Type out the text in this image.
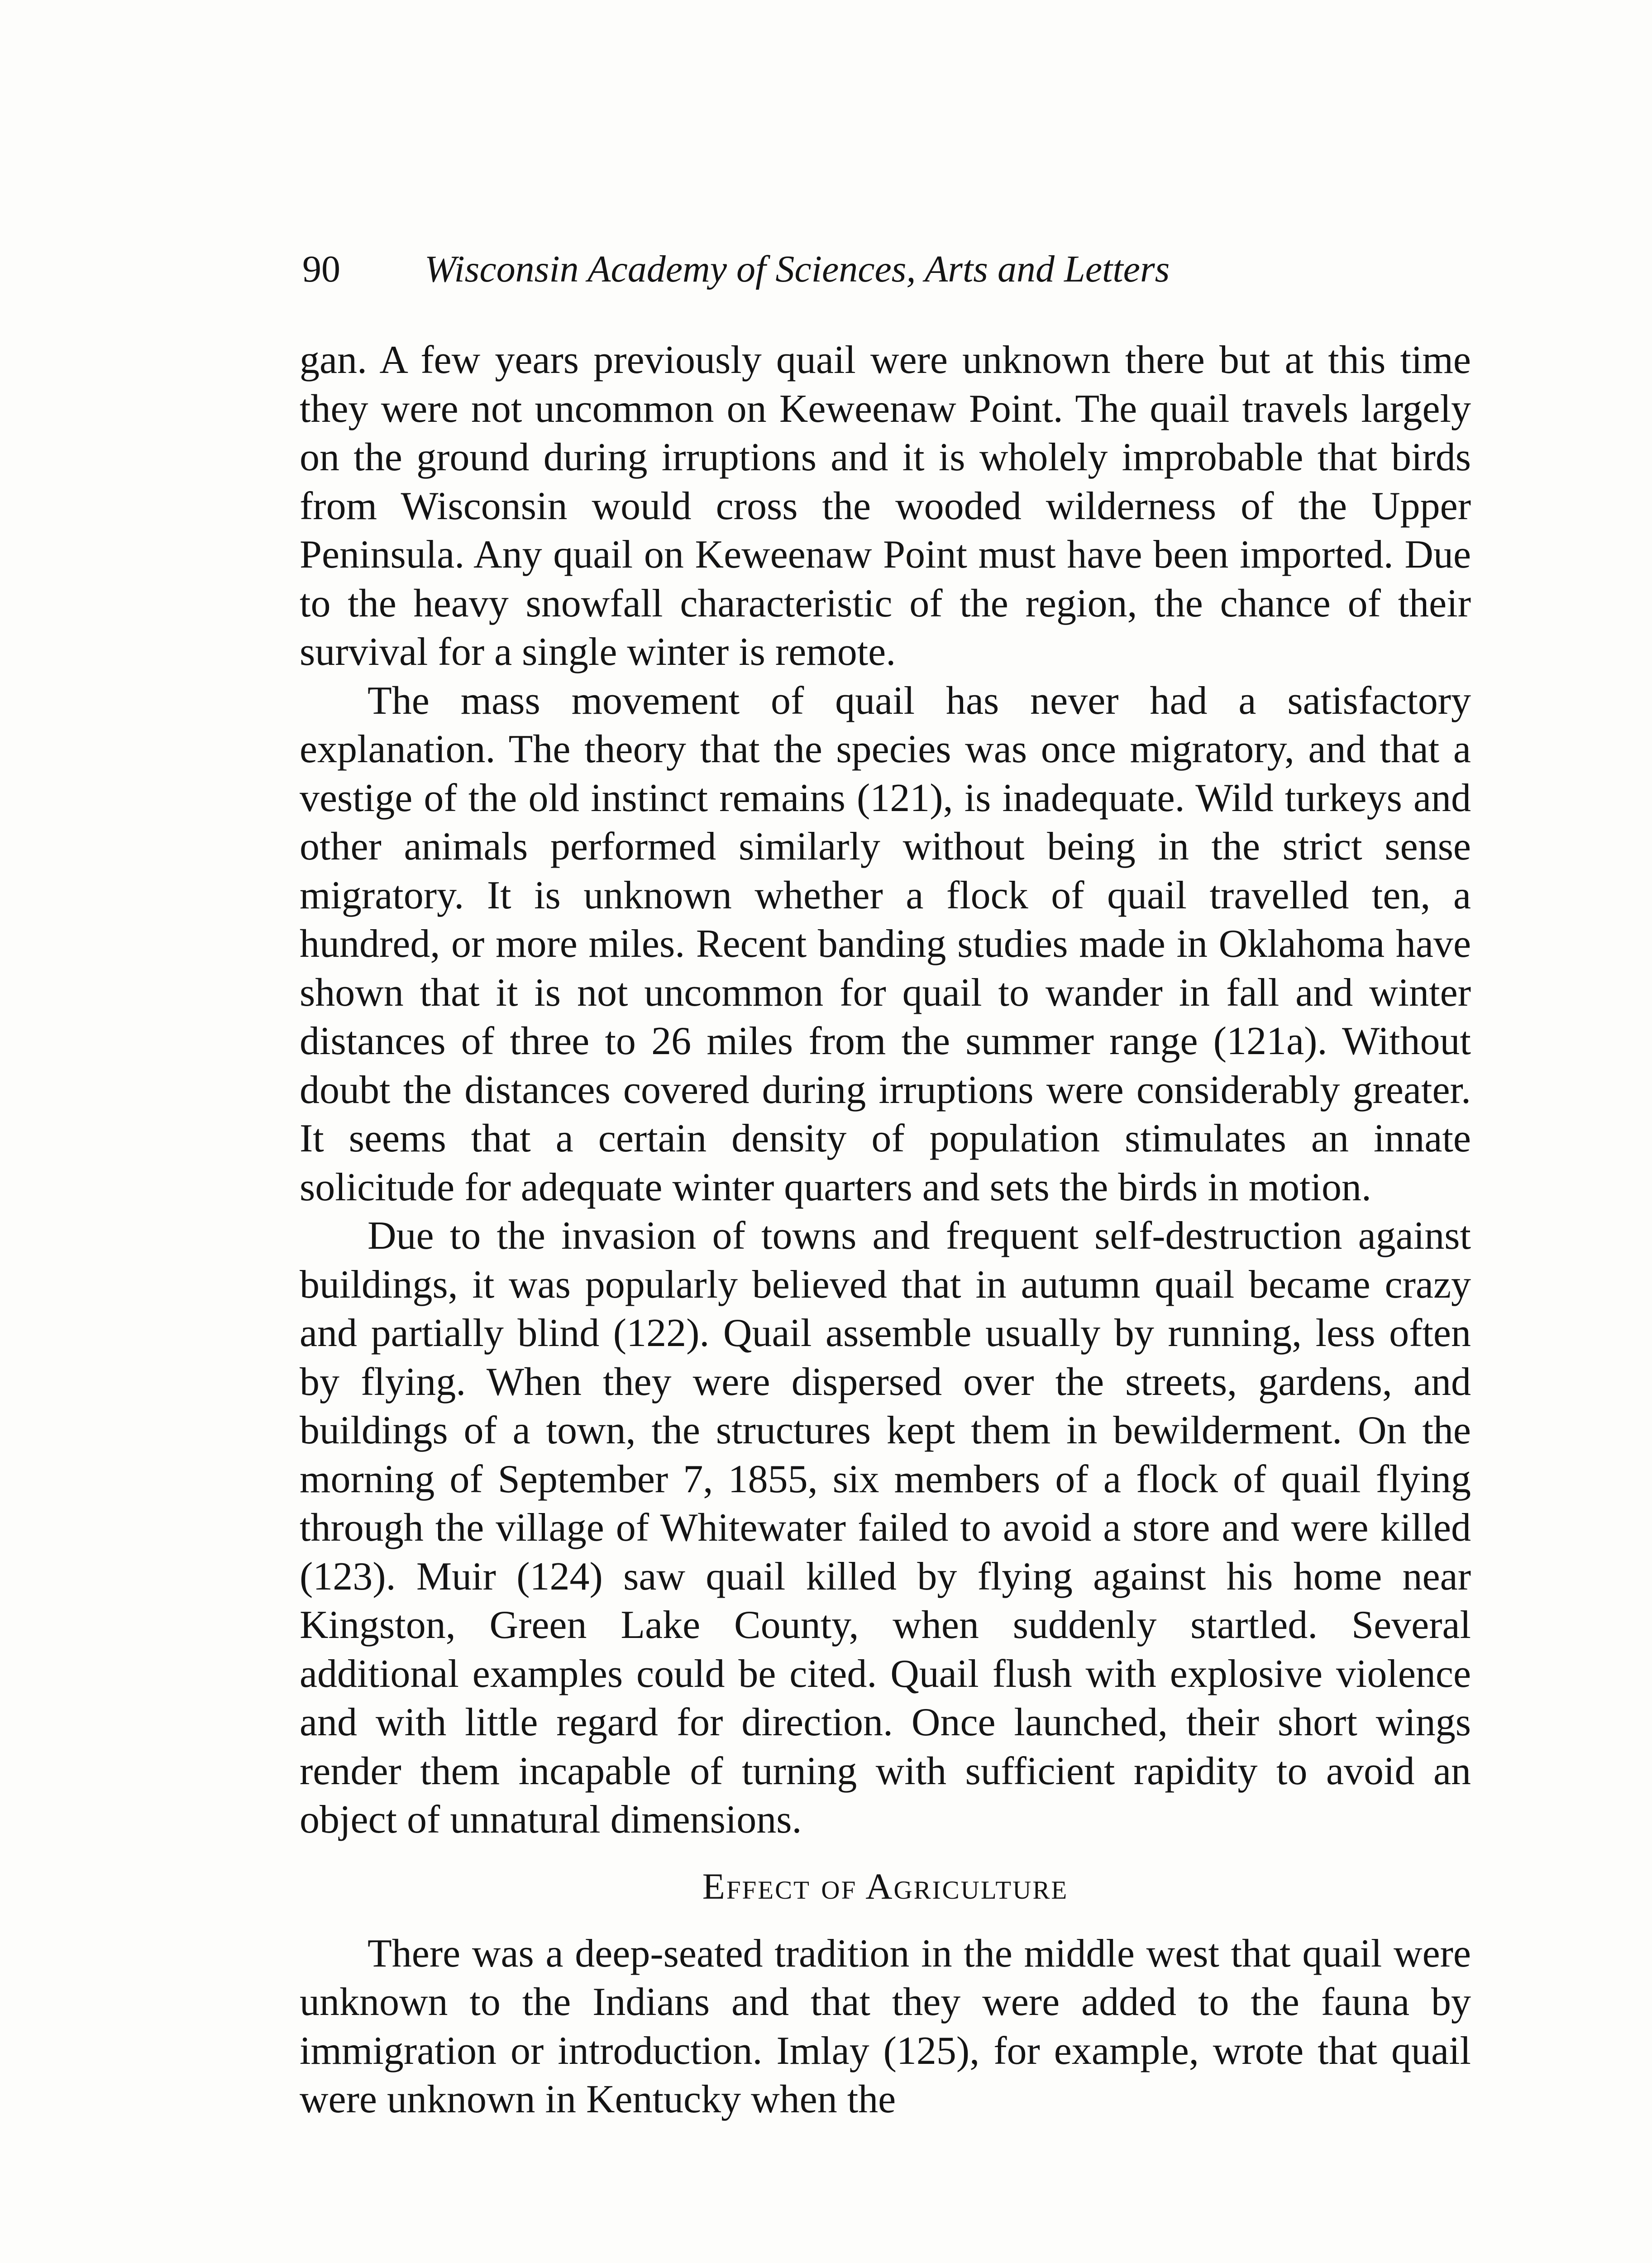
90 Wisconsin Academy of Sciences, Arts and Letters

gan. A few years previously quail were unknown there but at this time they were not uncommon on Keweenaw Point. The quail travels largely on the ground during irruptions and it is wholely improbable that birds from Wisconsin would cross the wooded wilderness of the Upper Peninsula. Any quail on Keweenaw Point must have been imported. Due to the heavy snowfall characteristic of the region, the chance of their survival for a single winter is remote.

The mass movement of quail has never had a satisfactory explanation. The theory that the species was once migratory, and that a vestige of the old instinct remains (121), is inadequate. Wild turkeys and other animals performed similarly without being in the strict sense migratory. It is unknown whether a flock of quail travelled ten, a hundred, or more miles. Recent banding studies made in Oklahoma have shown that it is not uncommon for quail to wander in fall and winter distances of three to 26 miles from the summer range (121a). Without doubt the distances covered during irruptions were considerably greater. It seems that a certain density of population stimulates an innate solicitude for adequate winter quarters and sets the birds in motion.

Due to the invasion of towns and frequent self-destruction against buildings, it was popularly believed that in autumn quail became crazy and partially blind (122). Quail assemble usually by running, less often by flying. When they were dispersed over the streets, gardens, and buildings of a town, the structures kept them in bewilderment. On the morning of September 7, 1855, six members of a flock of quail flying through the village of Whitewater failed to avoid a store and were killed (123). Muir (124) saw quail killed by flying against his home near Kingston, Green Lake County, when suddenly startled. Several additional examples could be cited. Quail flush with explosive violence and with little regard for direction. Once launched, their short wings render them incapable of turning with sufficient rapidity to avoid an object of unnatural dimensions.

Effect of Agriculture

There was a deep-seated tradition in the middle west that quail were unknown to the Indians and that they were added to the fauna by immigration or introduction. Imlay (125), for example, wrote that quail were unknown in Kentucky when the
